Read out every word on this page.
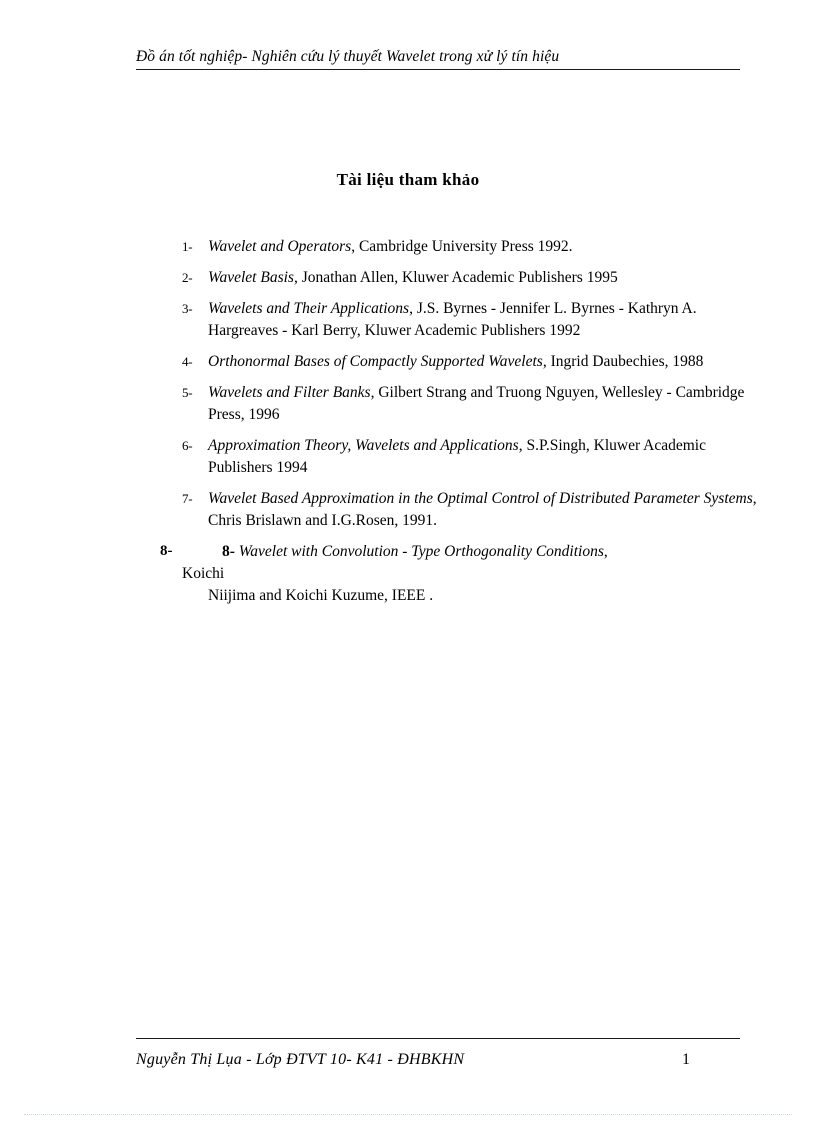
Đồ án tốt nghiệp- Nghiên cứu lý thuyết Wavelet trong xử lý tín hiệu
Tài liệu tham khảo
1- Wavelet and Operators, Cambridge University Press 1992.
2- Wavelet Basis, Jonathan Allen, Kluwer Academic Publishers 1995
3- Wavelets and Their Applications, J.S. Byrnes - Jennifer L. Byrnes - Kathryn A. Hargreaves - Karl Berry, Kluwer Academic Publishers 1992
4- Orthonormal Bases of Compactly Supported Wavelets, Ingrid Daubechies, 1988
5- Wavelets and Filter Banks, Gilbert Strang and Truong Nguyen, Wellesley - Cambridge Press, 1996
6- Approximation Theory, Wavelets and Applications, S.P.Singh, Kluwer Academic Publishers 1994
7- Wavelet Based Approximation in the Optimal Control of Distributed Parameter Systems, Chris Brislawn and I.G.Rosen, 1991.
8-	8- Wavelet with Convolution - Type Orthogonality Conditions,
Koichi
Niijima and Koichi Kuzume, IEEE .
Nguyễn Thị Lụa - Lớp ĐTVT 10- K41 - ĐHBKHN	1
